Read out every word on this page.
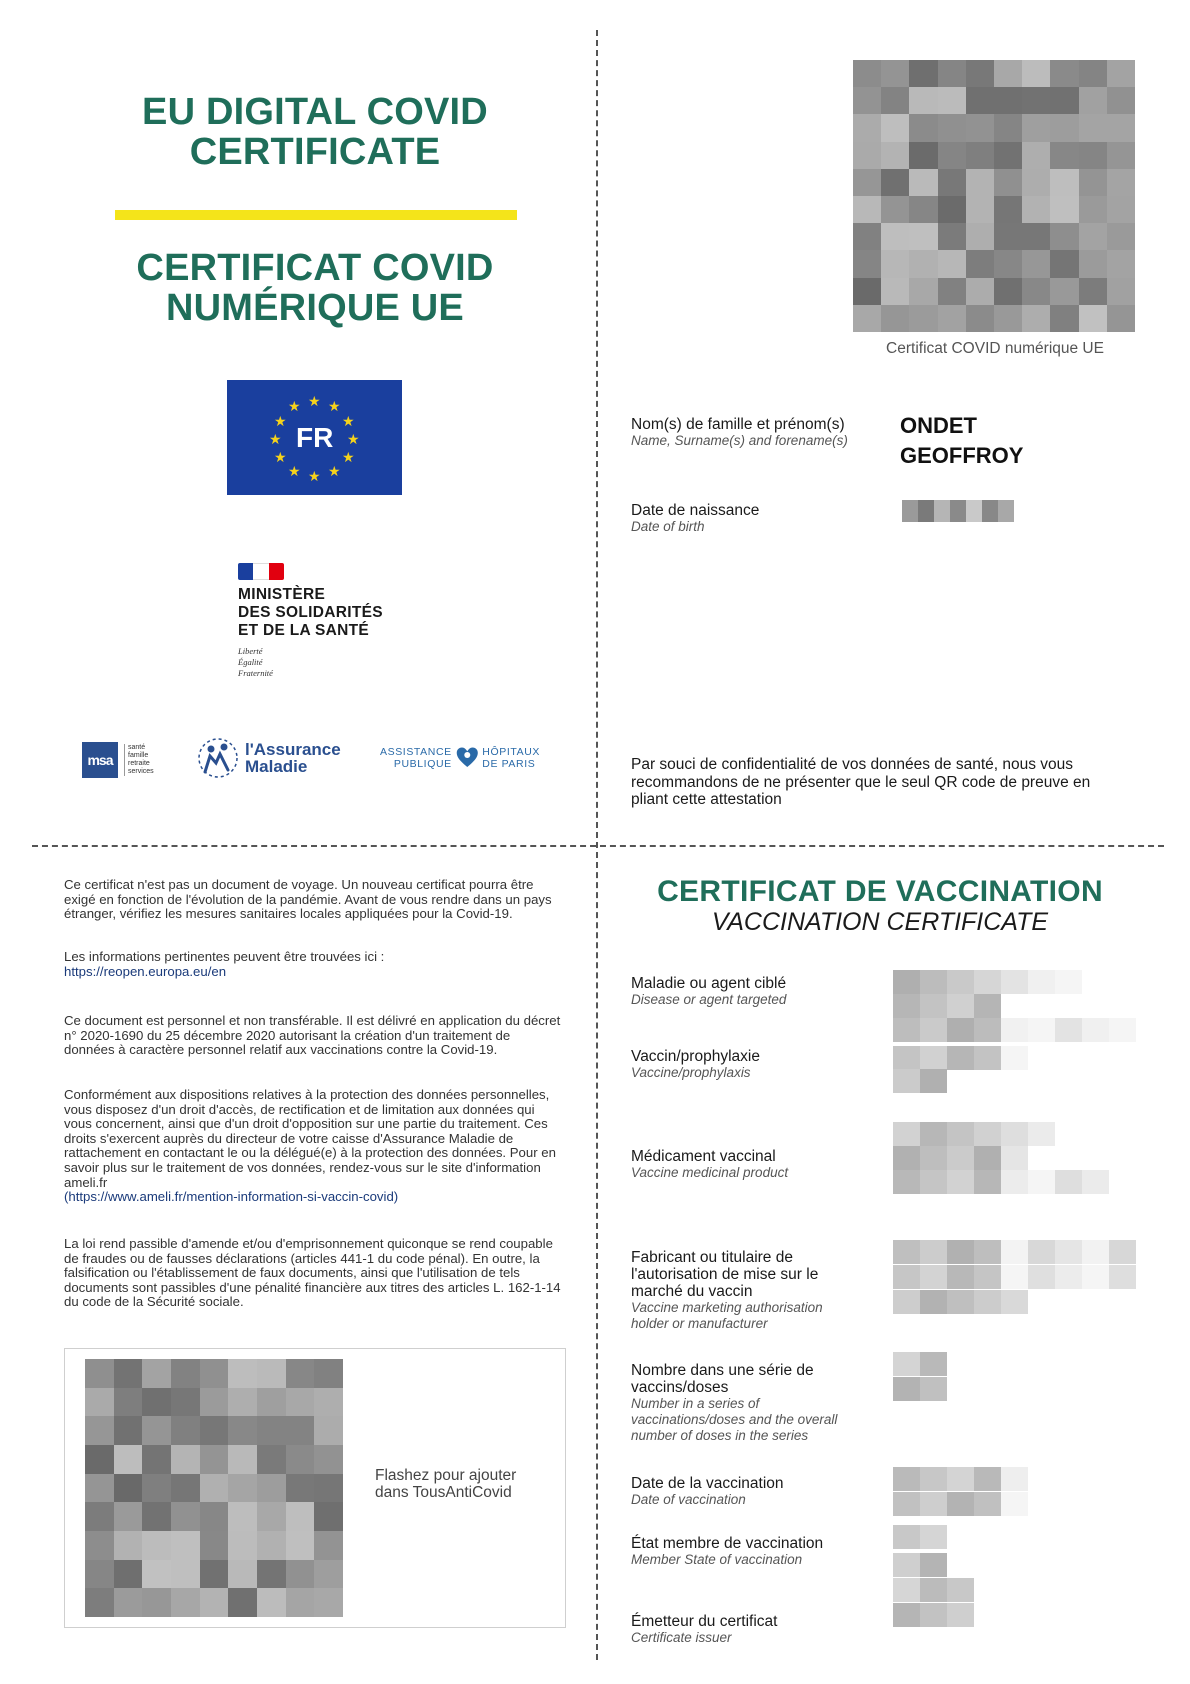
EU DIGITAL COVID
CERTIFICATE
CERTIFICAT COVID
NUMÉRIQUE UE
★ ★
★
★
★
★
★
★
★
★
★
★
FR
MINISTÈRE
DES SOLIDARITÉS
ET DE LA SANTÉ
Liberté
Égalité
Fraternité
msa
santé
famille
retraite
services
l'Assurance
Maladie
ASSISTANCE
PUBLIQUE
HÔPITAUX
DE PARIS
Certificat COVID numérique UE
Nom(s) de famille et prénom(s)
Name, Surname(s) and forename(s)
ONDET
GEOFFROY
Date de naissance
Date of birth
Par souci de confidentialité de vos données de santé, nous vous recommandons de ne présenter que le seul QR code de preuve en pliant cette attestation
Ce certificat n'est pas un document de voyage. Un nouveau certificat pourra être exigé en fonction de l'évolution de la pandémie. Avant de vous rendre dans un pays étranger, vérifiez les mesures sanitaires locales appliquées pour la Covid-19.
Les informations pertinentes peuvent être trouvées ici :
https://reopen.europa.eu/en
Ce document est personnel et non transférable. Il est délivré en application du décret n° 2020-1690 du 25 décembre 2020 autorisant la création d'un traitement de données à caractère personnel relatif aux vaccinations contre la Covid-19.
Conformément aux dispositions relatives à la protection des données personnelles, vous disposez d'un droit d'accès, de rectification et de limitation aux données qui vous concernent, ainsi que d'un droit d'opposition sur une partie du traitement. Ces droits s'exercent auprès du directeur de votre caisse d'Assurance Maladie de rattachement en contactant le ou la délégué(e) à la protection des données. Pour en savoir plus sur le traitement de vos données, rendez-vous sur le site d'information ameli.fr
(https://www.ameli.fr/mention-information-si-vaccin-covid)
La loi rend passible d'amende et/ou d'emprisonnement quiconque se rend coupable de fraudes ou de fausses déclarations (articles 441-1 du code pénal). En outre, la falsification ou l'établissement de faux documents, ainsi que l'utilisation de tels documents sont passibles d'une pénalité financière aux titres des articles L. 162-1-14 du code de la Sécurité sociale.
Flashez pour ajouter
dans TousAntiCovid
CERTIFICAT DE VACCINATION
VACCINATION CERTIFICATE
Maladie ou agent ciblé
Disease or agent targeted
Vaccin/prophylaxie
Vaccine/prophylaxis
Médicament vaccinal
Vaccine medicinal product
Fabricant ou titulaire de l'autorisation de mise sur le marché du vaccin
Vaccine marketing authorisation holder or manufacturer
Nombre dans une série de vaccins/doses
Number in a series of vaccinations/doses and the overall number of doses in the series
Date de la vaccination
Date of vaccination
État membre de vaccination
Member State of vaccination
Émetteur du certificat
Certificate issuer
